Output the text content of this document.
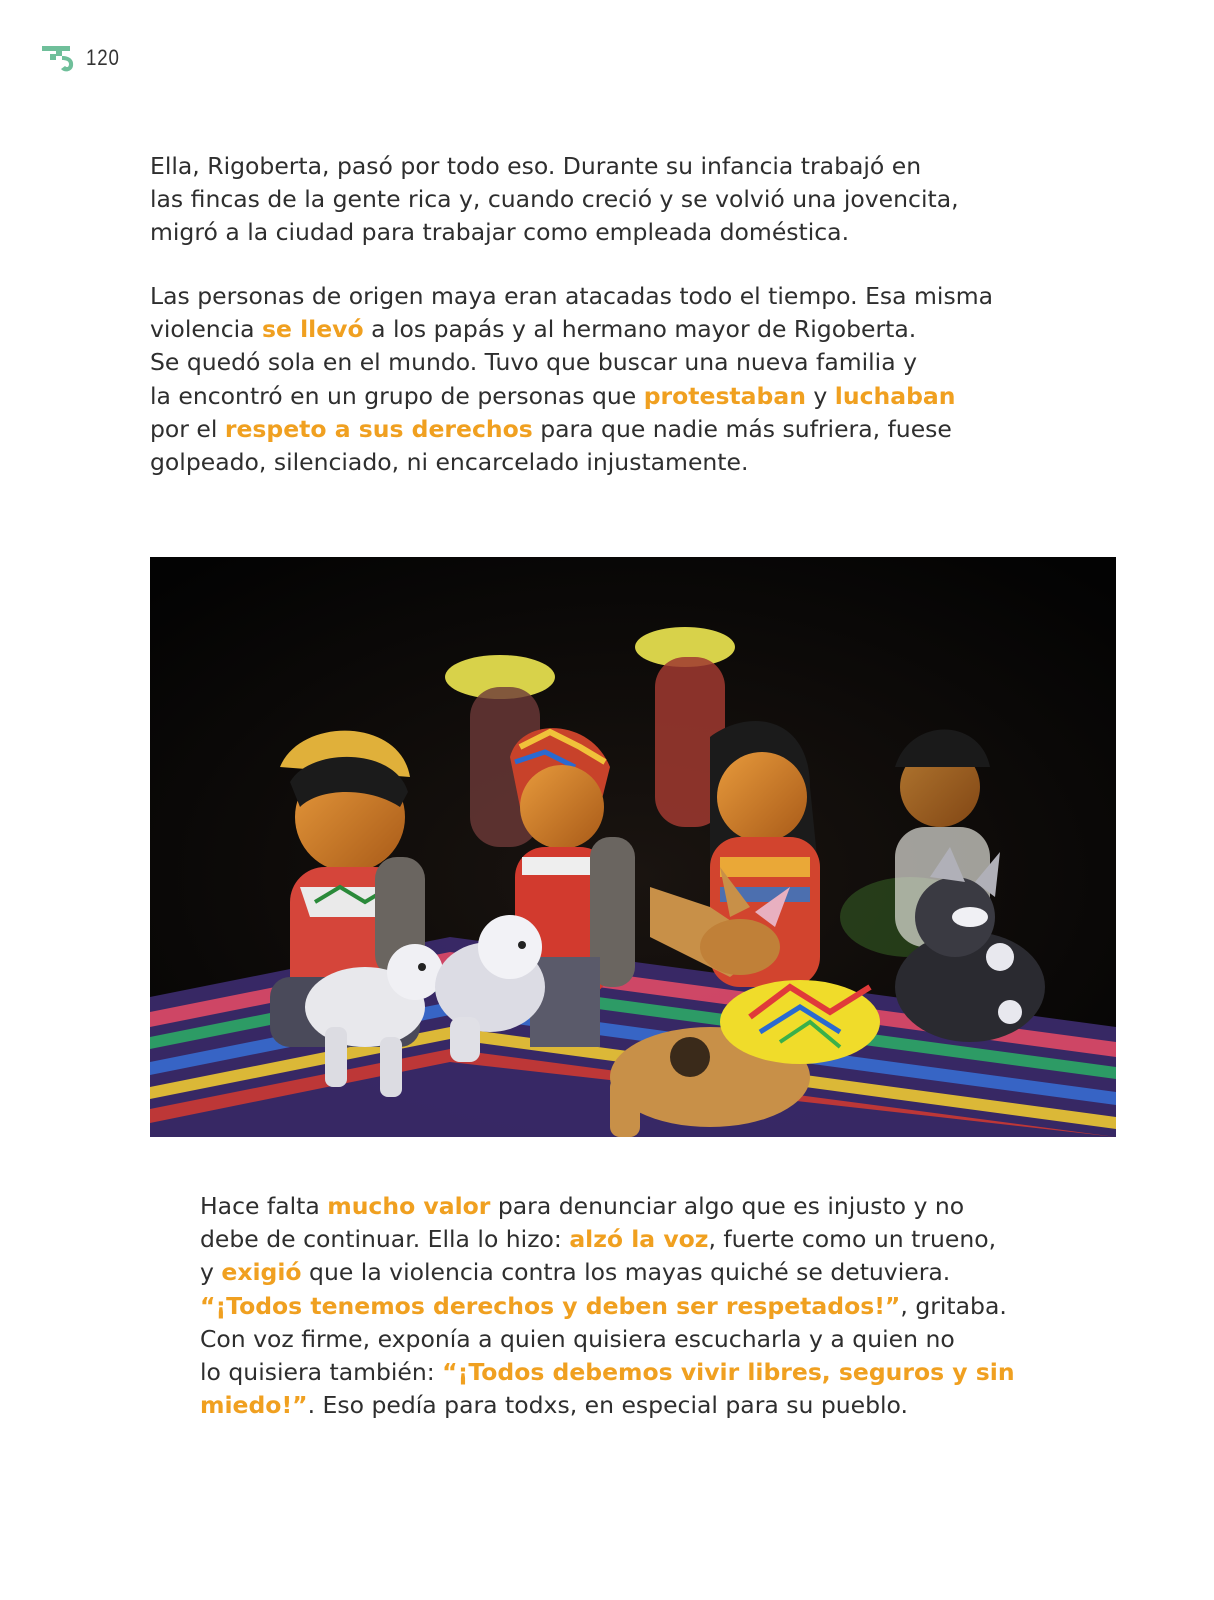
120
Ella, Rigoberta, pasó por todo eso. Durante su infancia trabajó en
las fincas de la gente rica y, cuando creció y se volvió una jovencita,
migró a la ciudad para trabajar como empleada doméstica.
Las personas de origen maya eran atacadas todo el tiempo. Esa misma
violencia se llevó a los papás y al hermano mayor de Rigoberta.
Se quedó sola en el mundo. Tuvo que buscar una nueva familia y
la encontró en un grupo de personas que protestaban y luchaban
por el respeto a sus derechos para que nadie más sufriera, fuese
golpeado, silenciado, ni encarcelado injustamente.
Hace falta mucho valor para denunciar algo que es injusto y no
debe de continuar. Ella lo hizo: alzó la voz, fuerte como un trueno,
y exigió que la violencia contra los mayas quiché se detuviera.
“¡Todos tenemos derechos y deben ser respetados!”, gritaba.
Con voz firme, exponía a quien quisiera escucharla y a quien no
lo quisiera también: “¡Todos debemos vivir libres, seguros y sin
miedo!”. Eso pedía para todxs, en especial para su pueblo.
